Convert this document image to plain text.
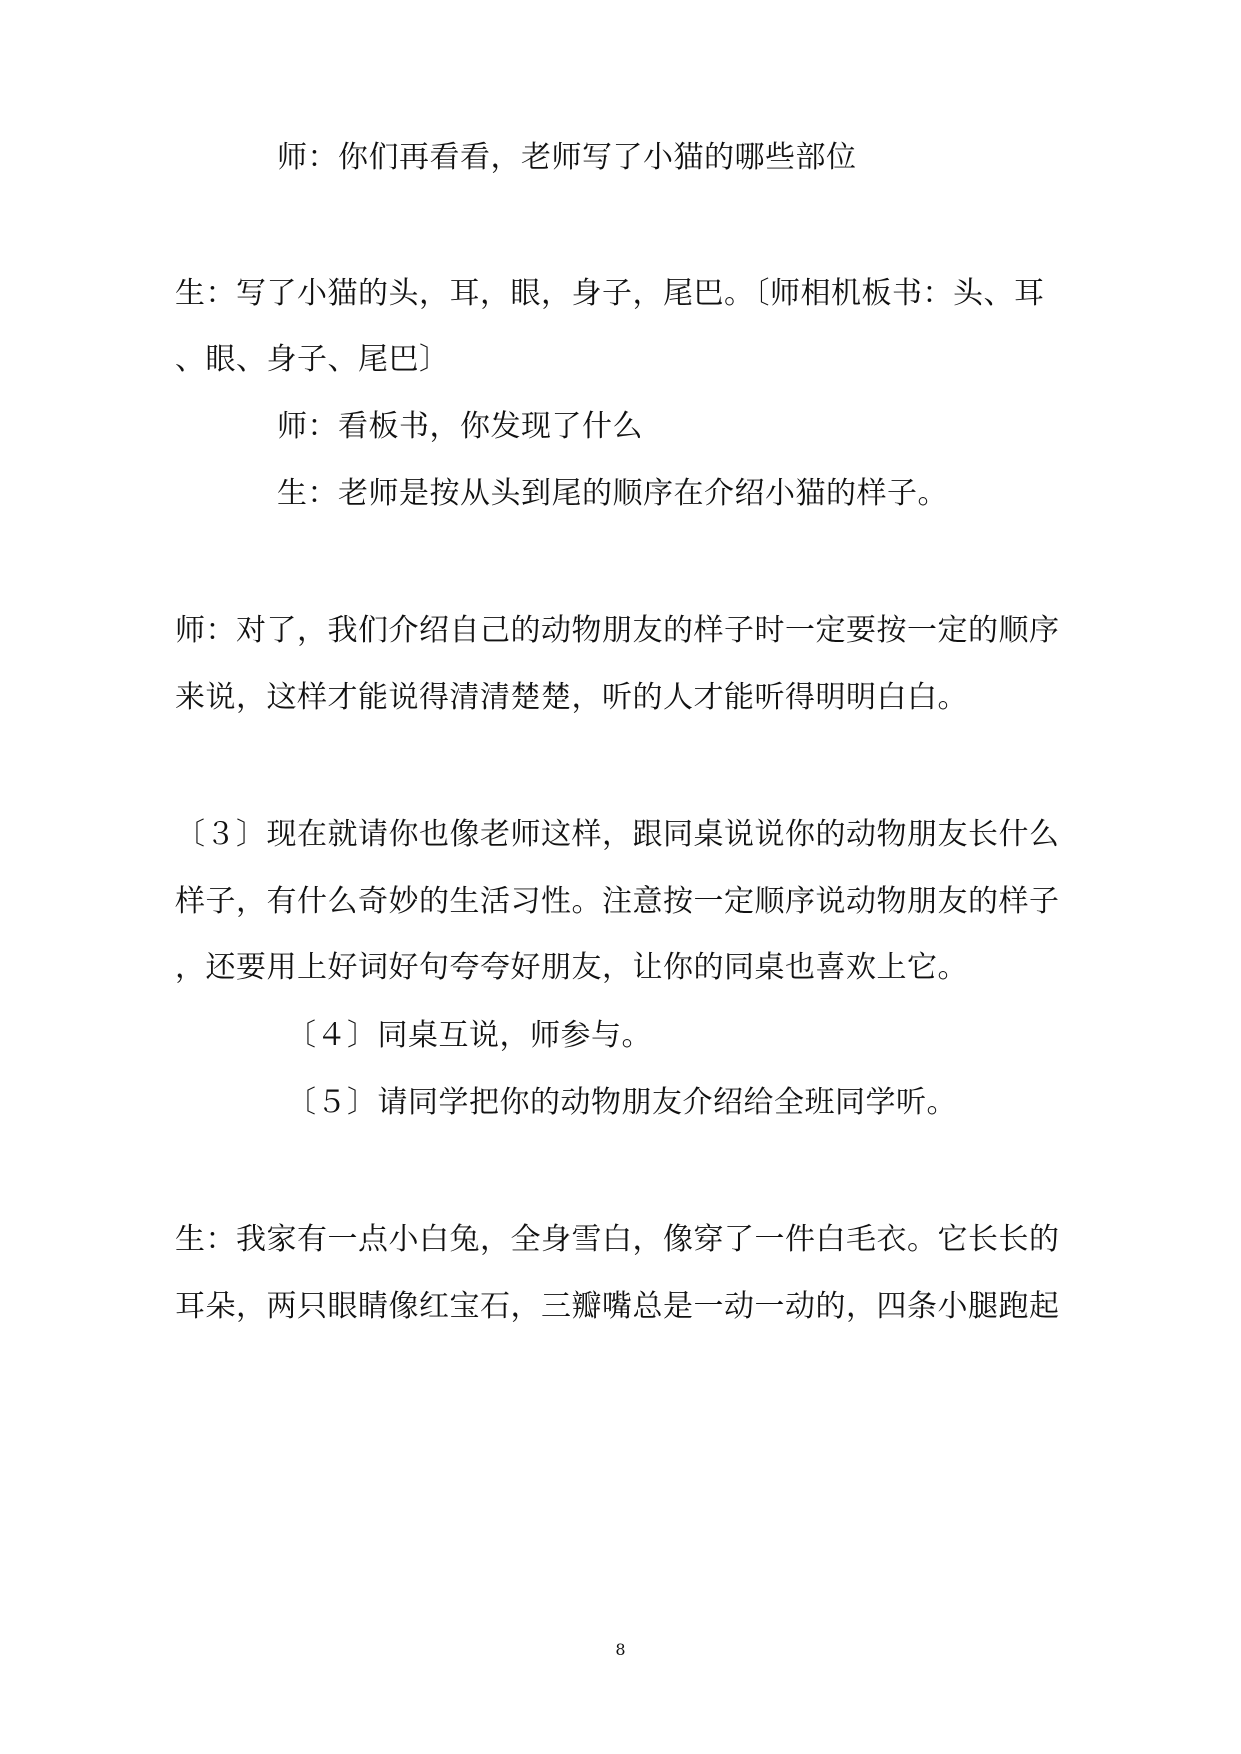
师：你们再看看，老师写了小猫的哪些部位
生：写了小猫的头，耳，眼，身子，尾巴。〔师相机板书：头、耳
、眼、身子、尾巴〕
师：看板书，你发现了什么
生：老师是按从头到尾的顺序在介绍小猫的样子。
师：对了，我们介绍自己的动物朋友的样子时一定要按一定的顺序
来说，这样才能说得清清楚楚，听的人才能听得明明白白。
〔３〕现在就请你也像老师这样，跟同桌说说你的动物朋友长什么
样子，有什么奇妙的生活习性。注意按一定顺序说动物朋友的样子
，还要用上好词好句夸夸好朋友，让你的同桌也喜欢上它。
〔４〕同桌互说，师参与。
〔５〕请同学把你的动物朋友介绍给全班同学听。
生：我家有一点小白兔，全身雪白，像穿了一件白毛衣。它长长的
耳朵，两只眼睛像红宝石，三瓣嘴总是一动一动的，四条小腿跑起
8
